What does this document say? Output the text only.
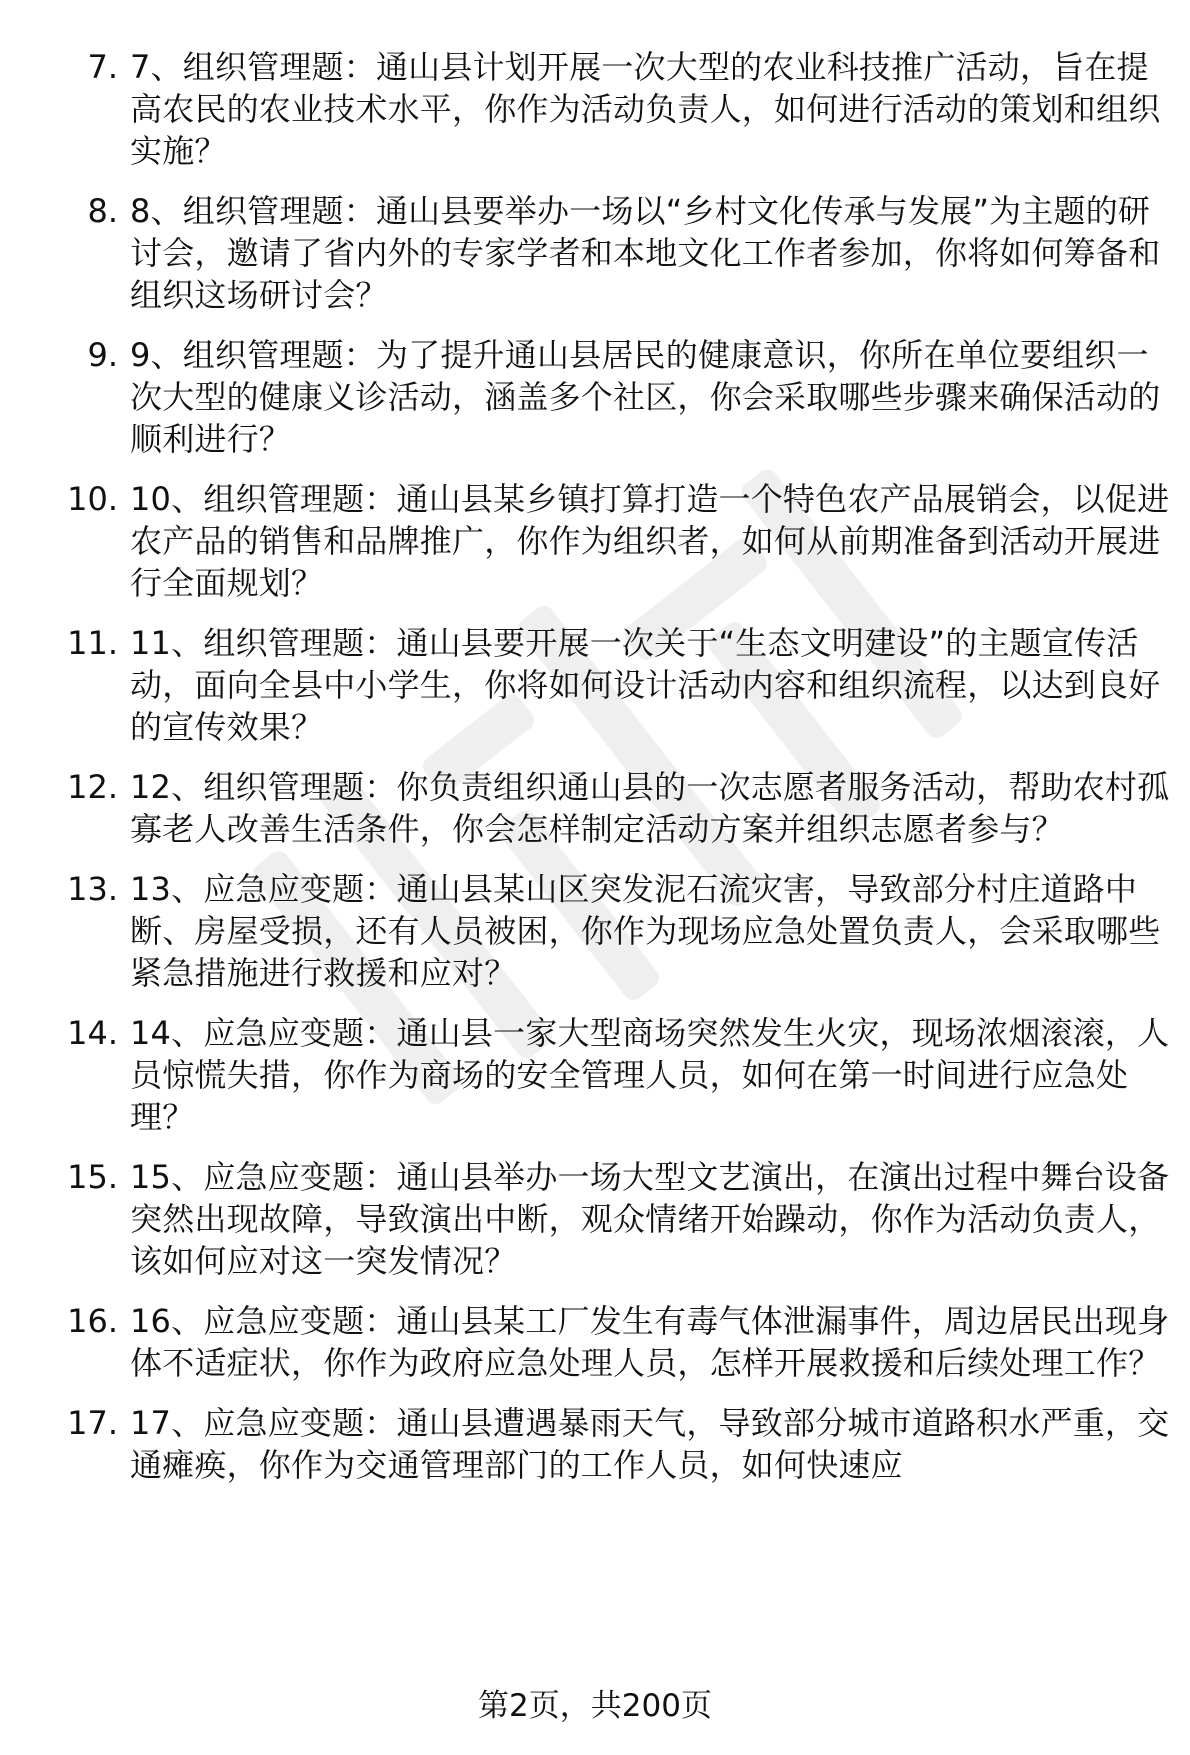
7. 7、组织管理题：通山县计划开展一次大型的农业科技推广活动，旨在提高农民的农业技术水平，你作为活动负责人，如何进行活动的策划和组织实施？
8. 8、组织管理题：通山县要举办一场以“乡村文化传承与发展”为主题的研讨会，邀请了省内外的专家学者和本地文化工作者参加，你将如何筹备和组织这场研讨会？
9. 9、组织管理题：为了提升通山县居民的健康意识，你所在单位要组织一次大型的健康义诊活动，涵盖多个社区，你会采取哪些步骤来确保活动的顺利进行？
10. 10、组织管理题：通山县某乡镇打算打造一个特色农产品展销会，以促进农产品的销售和品牌推广，你作为组织者，如何从前期准备到活动开展进行全面规划？
11. 11、组织管理题：通山县要开展一次关于“生态文明建设”的主题宣传活动，面向全县中小学生，你将如何设计活动内容和组织流程，以达到良好的宣传效果？
12. 12、组织管理题：你负责组织通山县的一次志愿者服务活动，帮助农村孤寡老人改善生活条件，你会怎样制定活动方案并组织志愿者参与？
13. 13、应急应变题：通山县某山区突发泥石流灾害，导致部分村庄道路中断、房屋受损，还有人员被困，你作为现场应急处置负责人，会采取哪些紧急措施进行救援和应对？
14. 14、应急应变题：通山县一家大型商场突然发生火灾，现场浓烟滚滚，人员惊慌失措，你作为商场的安全管理人员，如何在第一时间进行应急处理？
15. 15、应急应变题：通山县举办一场大型文艺演出，在演出过程中舞台设备突然出现故障，导致演出中断，观众情绪开始躁动，你作为活动负责人，该如何应对这一突发情况？
16. 16、应急应变题：通山县某工厂发生有毒气体泄漏事件，周边居民出现身体不适症状，你作为政府应急处理人员，怎样开展救援和后续处理工作？
17. 17、应急应变题：通山县遭遇暴雨天气，导致部分城市道路积水严重，交通瘫痪，你作为交通管理部门的工作人员，如何快速应
第2页，共200页
